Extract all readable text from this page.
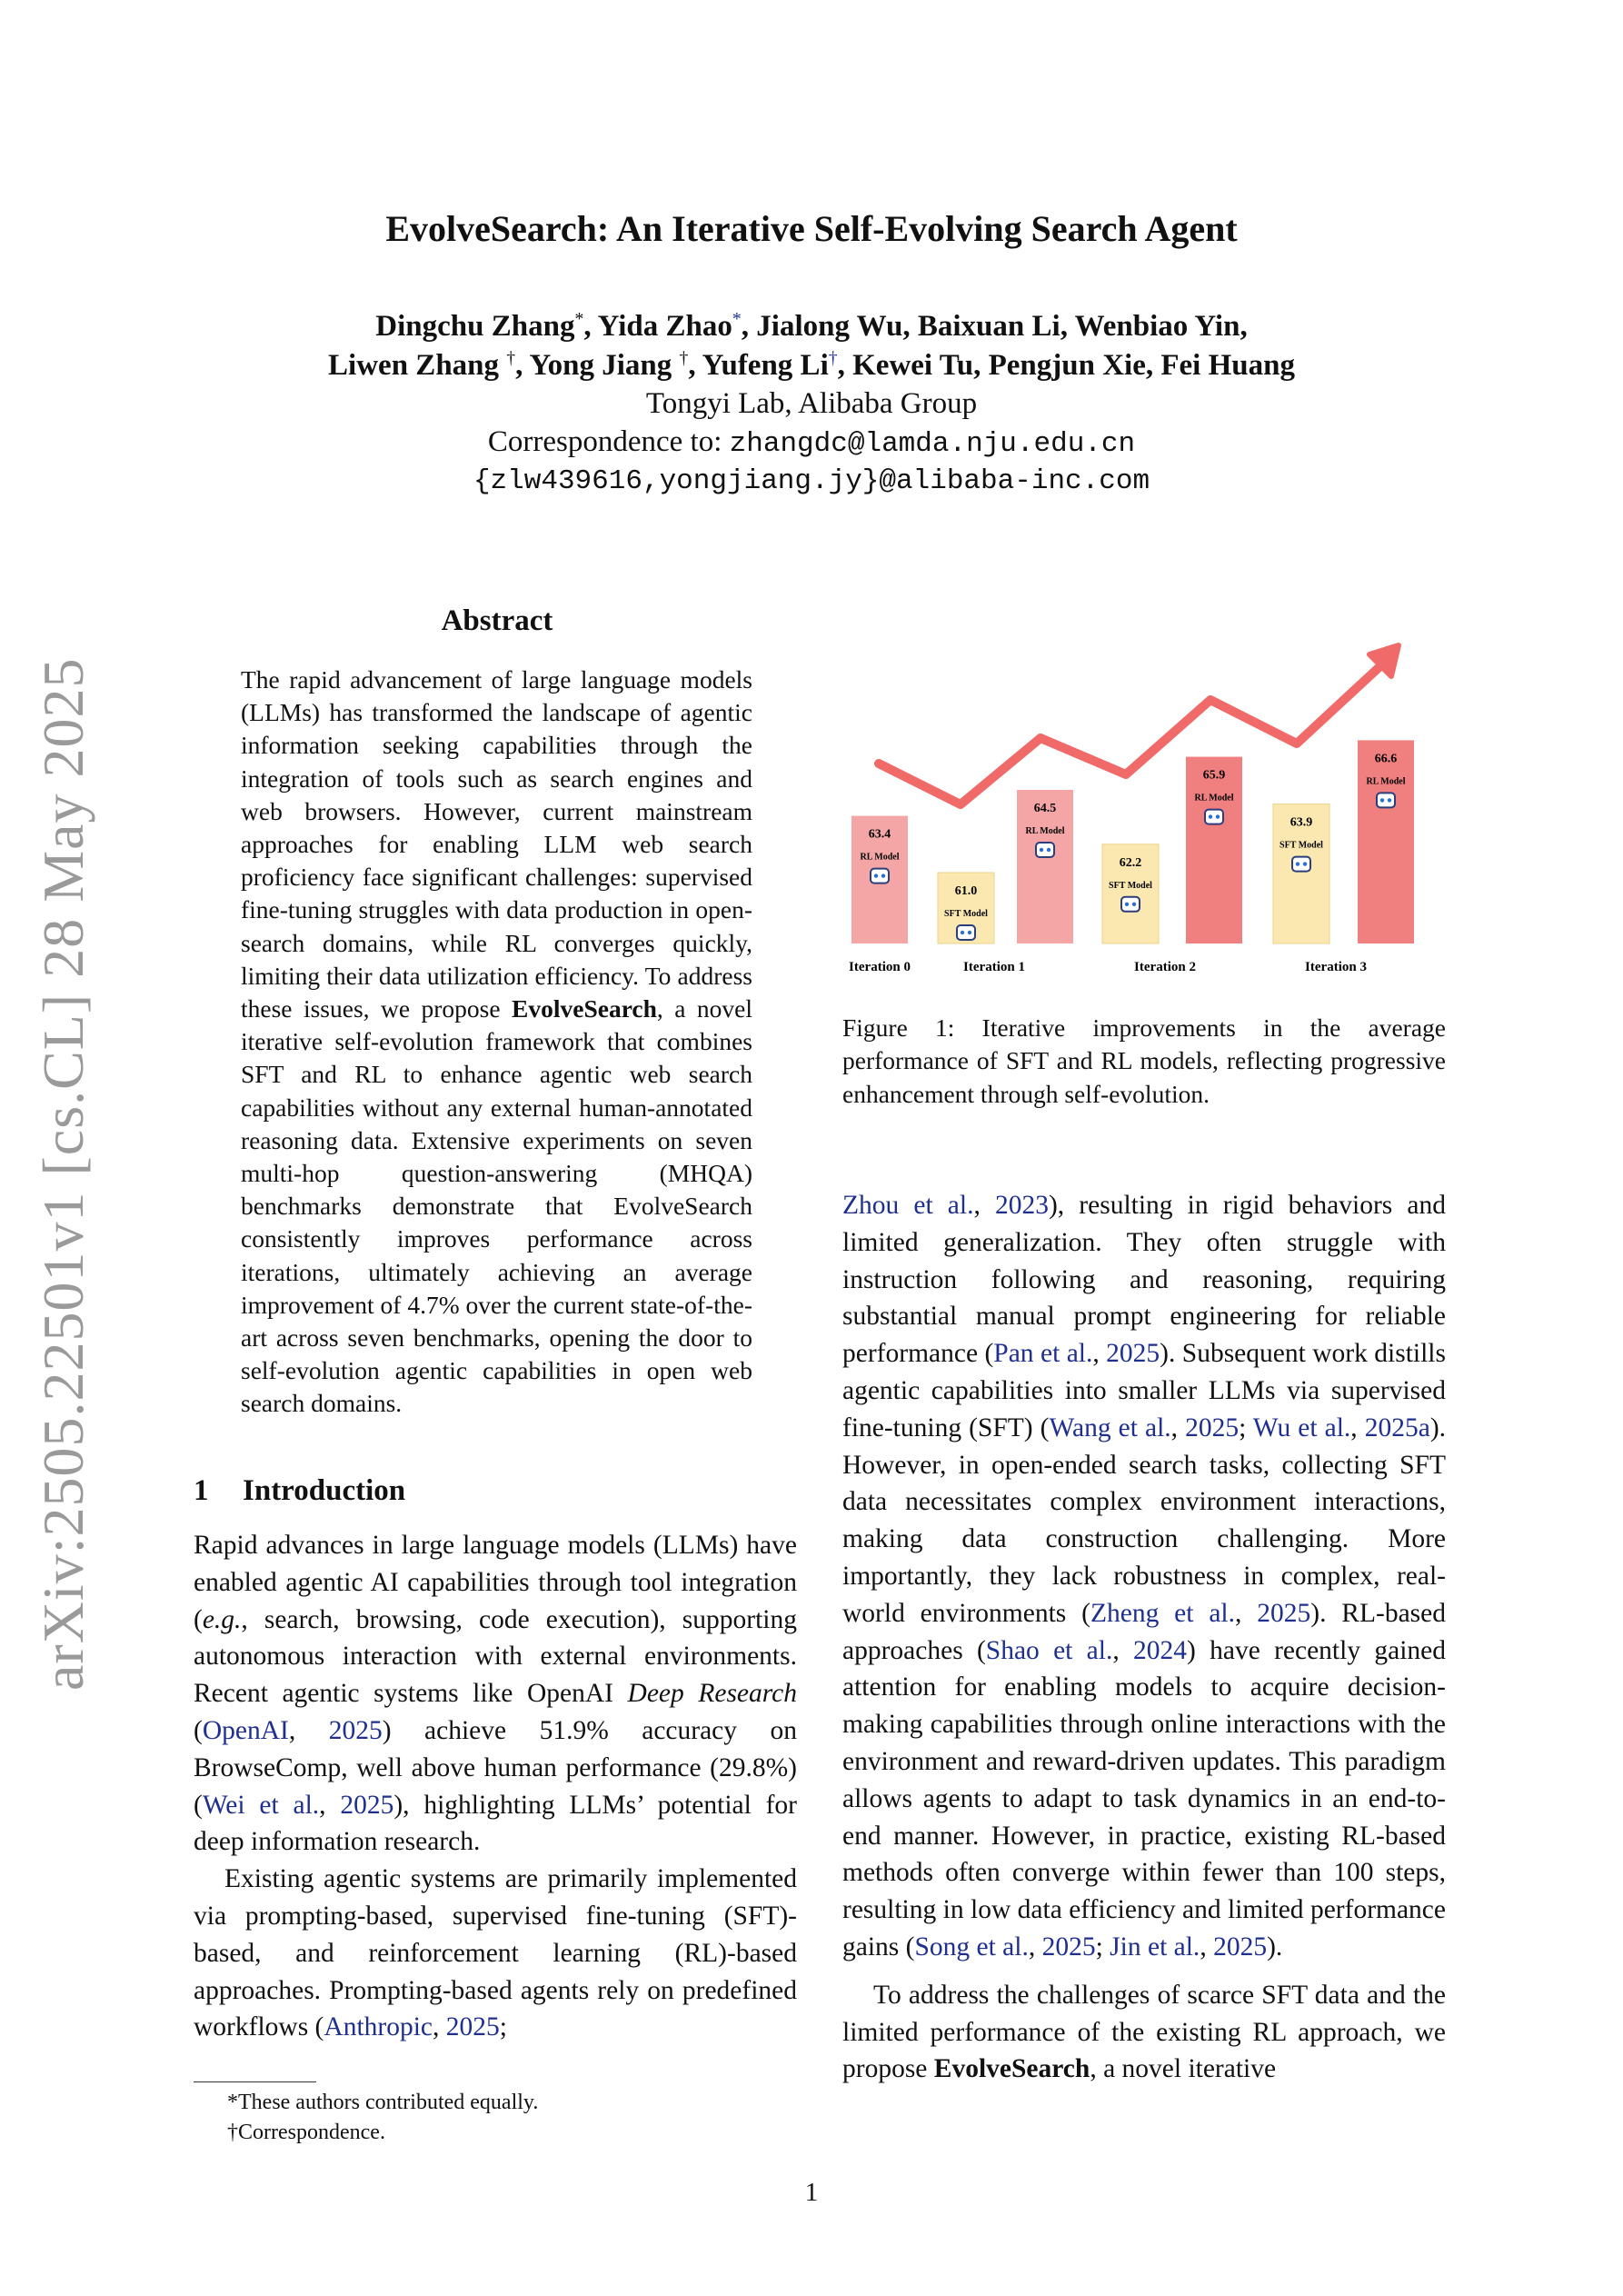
arXiv:2505.22501v1 [cs.CL] 28 May 2025
EvolveSearch: An Iterative Self-Evolving Search Agent
Dingchu Zhang*, Yida Zhao*, Jialong Wu, Baixuan Li, Wenbiao Yin,
Liwen Zhang †, Yong Jiang †, Yufeng Li†, Kewei Tu, Pengjun Xie, Fei Huang
Tongyi Lab, Alibaba Group
Correspondence to: zhangdc@lamda.nju.edu.cn
{zlw439616,yongjiang.jy}@alibaba-inc.com
Abstract
The rapid advancement of large language models (LLMs) has transformed the landscape of agentic information seeking capabilities through the integration of tools such as search engines and web browsers. However, current mainstream approaches for enabling LLM web search proficiency face significant challenges: supervised fine-tuning struggles with data production in open-search domains, while RL converges quickly, limiting their data utilization efficiency. To address these issues, we propose EvolveSearch, a novel iterative self-evolution framework that combines SFT and RL to enhance agentic web search capabilities without any external human-annotated reasoning data. Extensive experiments on seven multi-hop question-answering (MHQA) benchmarks demonstrate that EvolveSearch consistently improves performance across iterations, ultimately achieving an average improvement of 4.7% over the current state-of-the-art across seven benchmarks, opening the door to self-evolution agentic capabilities in open web search domains.
1 Introduction

Rapid advances in large language models (LLMs) have enabled agentic AI capabilities through tool integration (e.g., search, browsing, code execution), supporting autonomous interaction with external environments. Recent agentic systems like OpenAI Deep Research (OpenAI, 2025) achieve 51.9% accuracy on BrowseComp, well above human performance (29.8%) (Wei et al., 2025), highlighting LLMs’ potential for deep information research.

Existing agentic systems are primarily implemented via prompting-based, supervised fine-tuning (SFT)-based, and reinforcement learning (RL)-based approaches. Prompting-based agents rely on predefined workflows (Anthropic, 2025;

*These authors contributed equally.
†Correspondence.
63.4
RL Model
61.0
SFT Model
64.5
RL Model
62.2
SFT Model
65.9
RL Model
63.9
SFT Model
66.6
RL Model
Iteration 0	Iteration 1	Iteration 2	Iteration 3
Figure 1: Iterative improvements in the average performance of SFT and RL models, reflecting progressive enhancement through self-evolution.

Zhou et al., 2023), resulting in rigid behaviors and limited generalization. They often struggle with instruction following and reasoning, requiring substantial manual prompt engineering for reliable performance (Pan et al., 2025). Subsequent work distills agentic capabilities into smaller LLMs via supervised fine-tuning (SFT) (Wang et al., 2025; Wu et al., 2025a). However, in open-ended search tasks, collecting SFT data necessitates complex environment interactions, making data construction challenging. More importantly, they lack robustness in complex, real-world environments (Zheng et al., 2025). RL-based approaches (Shao et al., 2024) have recently gained attention for enabling models to acquire decision-making capabilities through online interactions with the environment and reward-driven updates. This paradigm allows agents to adapt to task dynamics in an end-to-end manner. However, in practice, existing RL-based methods often converge within fewer than 100 steps, resulting in low data efficiency and limited performance gains (Song et al., 2025; Jin et al., 2025).

To address the challenges of scarce SFT data and the limited performance of the existing RL approach, we propose EvolveSearch, a novel iterative

1
